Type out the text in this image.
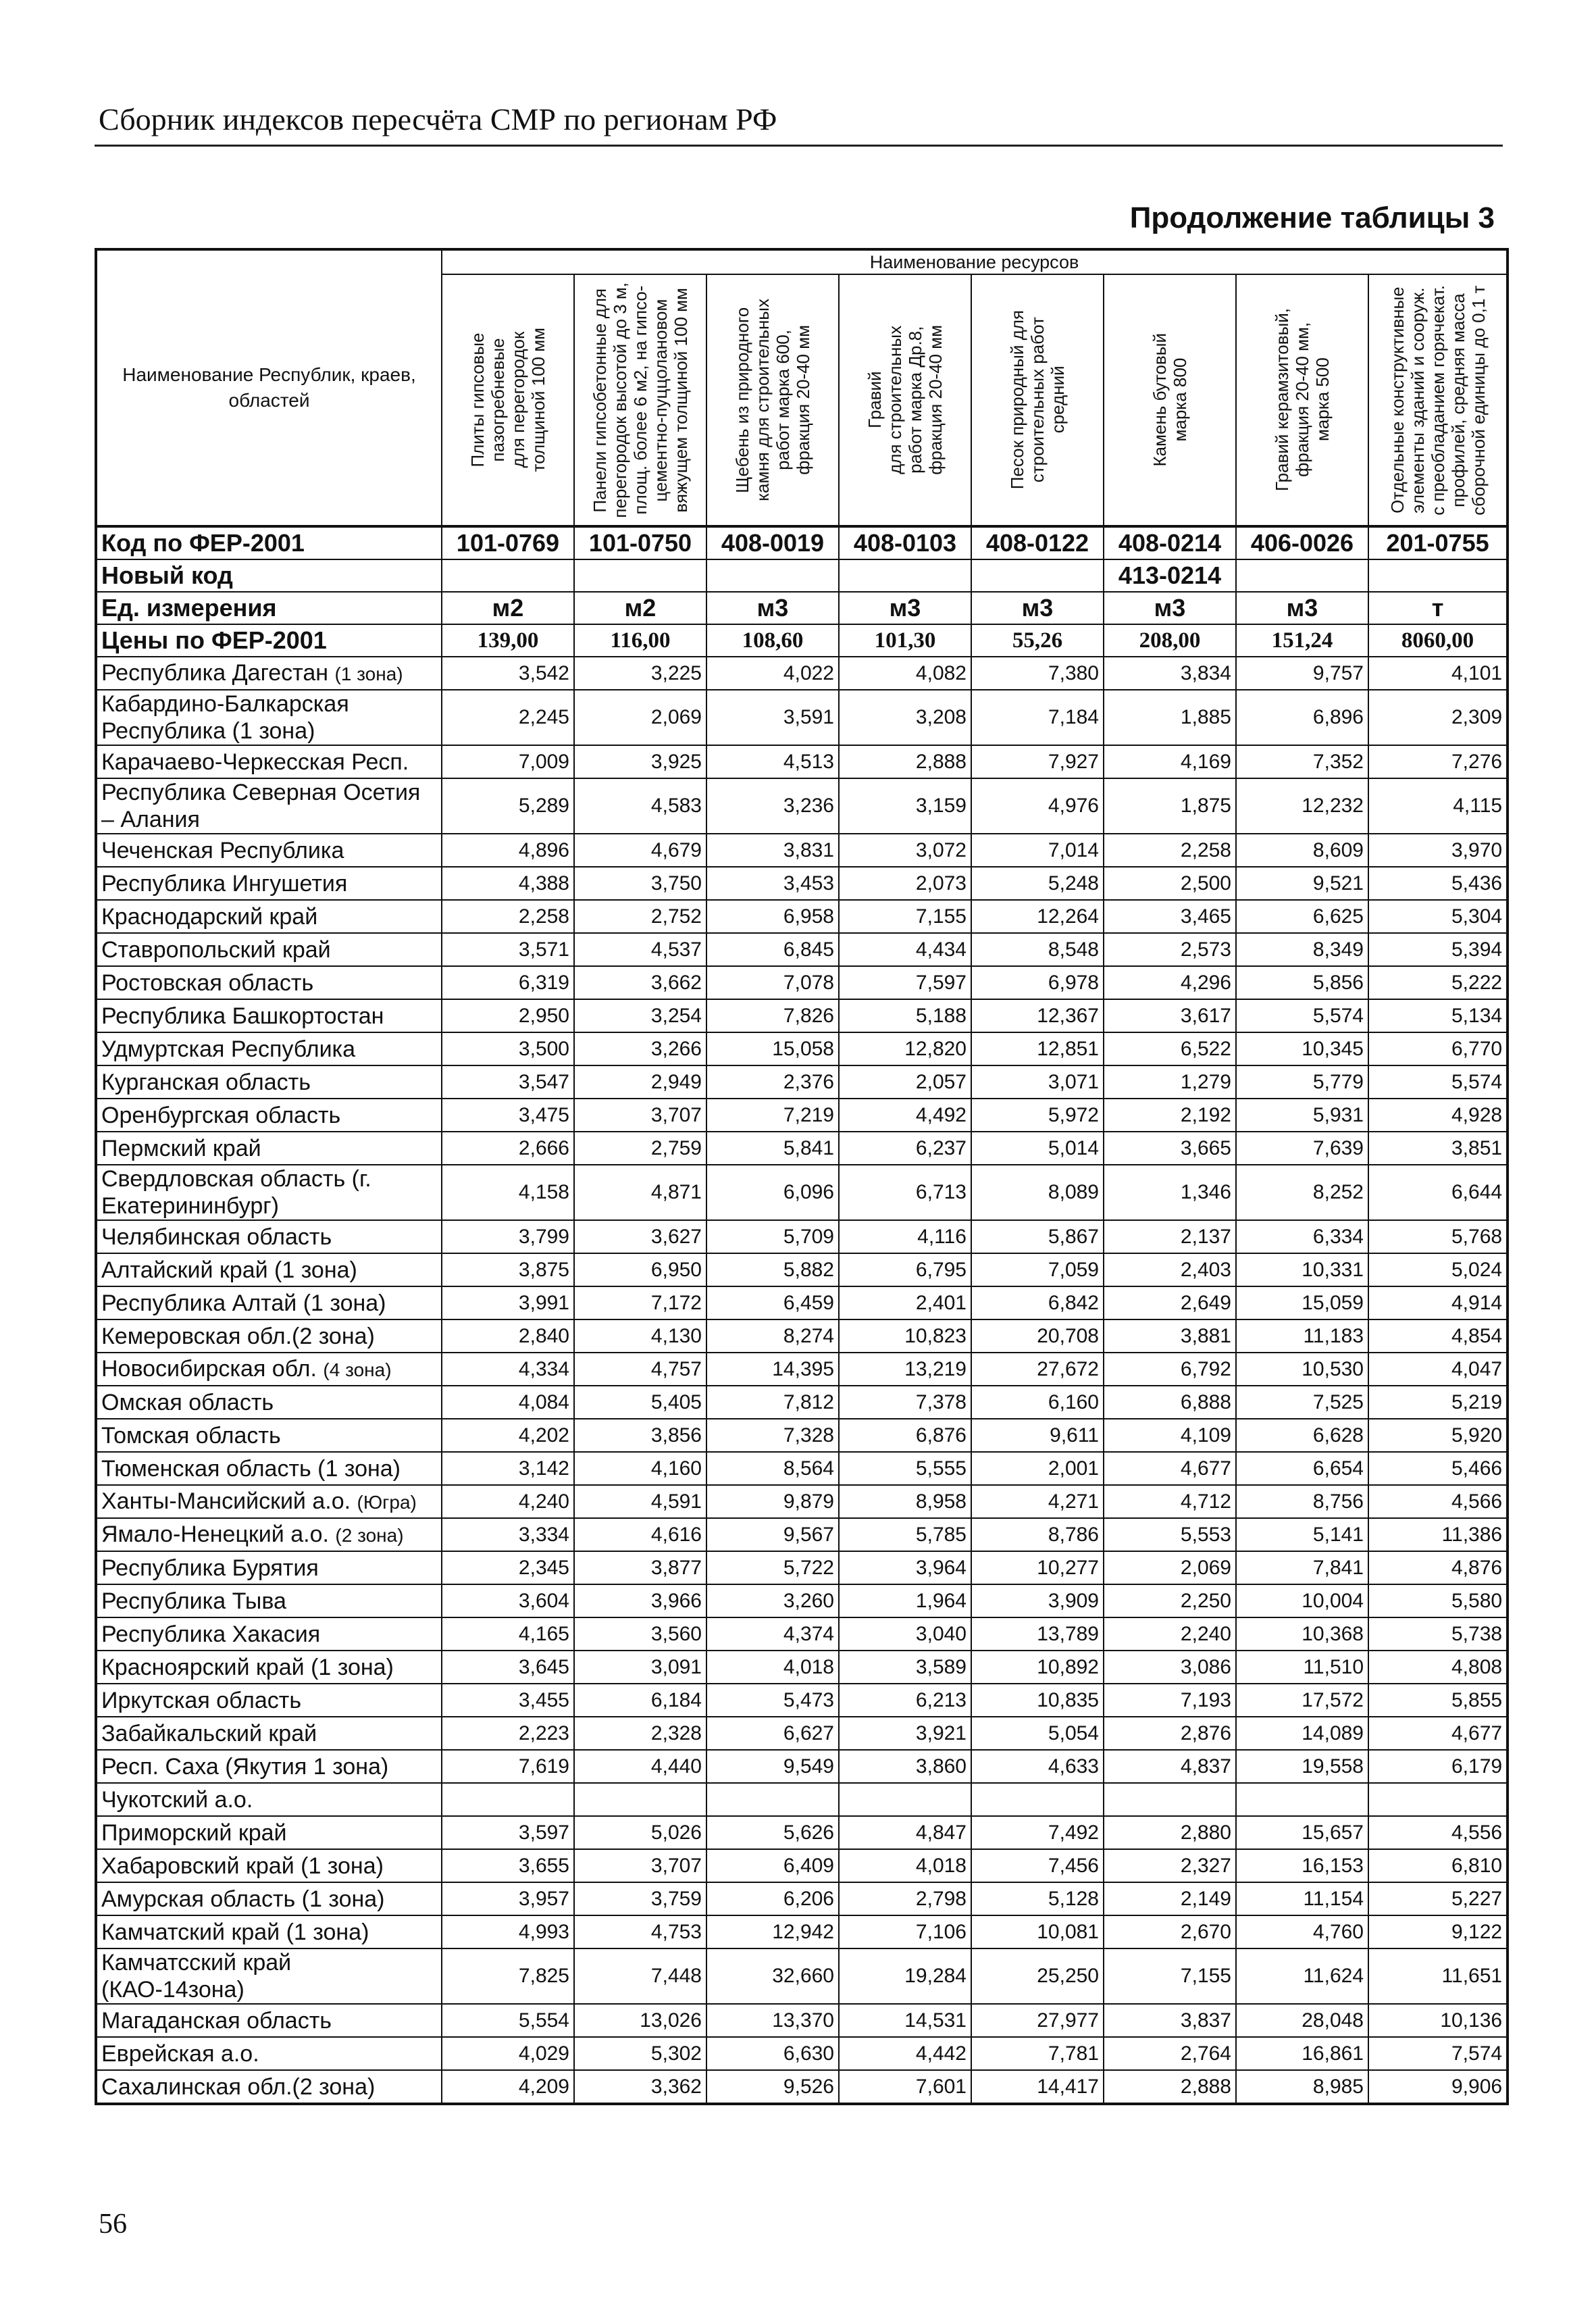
Сборник индексов пересчёта СМР по регионам РФ
Продолжение таблицы 3
Наименование Республик, краев, областей	Наименование ресурсов							

	Плиты гипсовые
пазогребневые
для перегородок
толщиной 100 мм	Панели гипсобетонные для
перегородок высотой до 3 м,
площ. более 6 м2, на гипсо-
цементно-пуццолановом
вяжущем толщиной 100 мм	Щебень из природного
камня для строительных
работ марка 600,
фракция 20-40 мм	Гравий
для строительных
работ марка Др.8,
фракция 20-40 мм	Песок природный для
строительных работ
средний	Камень бутовый
марка 800	Гравий керамзитовый,
фракция 20-40 мм,
марка 500	Отдельные конструктивные
элементы зданий и сооруж.
с преобладанием горячекат.
профилей, средняя масса
сборочной единицы до 0,1 т

Код по ФЕР-2001	101-0769	101-0750	408-0019	408-0103	408-0122	408-0214	406-0026	201-0755
Новый код						413-0214		
Ед. измерения	м2	м2	м3	м3	м3	м3	м3	т
Цены по ФЕР-2001	139,00	116,00	108,60	101,30	55,26	208,00	151,24	8060,00
Республика Дагестан (1 зона)	3,542	3,225	4,022	4,082	7,380	3,834	9,757	4,101
Кабардино-Балкарская Республика (1 зона)	2,245	2,069	3,591	3,208	7,184	1,885	6,896	2,309
Карачаево-Черкесская Респ.	7,009	3,925	4,513	2,888	7,927	4,169	7,352	7,276
Республика Северная Осетия – Алания	5,289	4,583	3,236	3,159	4,976	1,875	12,232	4,115
Чеченская Республика	4,896	4,679	3,831	3,072	7,014	2,258	8,609	3,970
Республика Ингушетия	4,388	3,750	3,453	2,073	5,248	2,500	9,521	5,436
Краснодарский край	2,258	2,752	6,958	7,155	12,264	3,465	6,625	5,304
Ставропольский край	3,571	4,537	6,845	4,434	8,548	2,573	8,349	5,394
Ростовская область	6,319	3,662	7,078	7,597	6,978	4,296	5,856	5,222
Республика Башкортостан	2,950	3,254	7,826	5,188	12,367	3,617	5,574	5,134
Удмуртская Республика	3,500	3,266	15,058	12,820	12,851	6,522	10,345	6,770
Курганская область	3,547	2,949	2,376	2,057	3,071	1,279	5,779	5,574
Оренбургская область	3,475	3,707	7,219	4,492	5,972	2,192	5,931	4,928
Пермский край	2,666	2,759	5,841	6,237	5,014	3,665	7,639	3,851
Свердловская область (г. Екатерининбург)	4,158	4,871	6,096	6,713	8,089	1,346	8,252	6,644
Челябинская область	3,799	3,627	5,709	4,116	5,867	2,137	6,334	5,768
Алтайский край (1 зона)	3,875	6,950	5,882	6,795	7,059	2,403	10,331	5,024
Республика Алтай (1 зона)	3,991	7,172	6,459	2,401	6,842	2,649	15,059	4,914
Кемеровская обл.(2 зона)	2,840	4,130	8,274	10,823	20,708	3,881	11,183	4,854
Новосибирская обл. (4 зона)	4,334	4,757	14,395	13,219	27,672	6,792	10,530	4,047
Омская область	4,084	5,405	7,812	7,378	6,160	6,888	7,525	5,219
Томская область	4,202	3,856	7,328	6,876	9,611	4,109	6,628	5,920
Тюменская область (1 зона)	3,142	4,160	8,564	5,555	2,001	4,677	6,654	5,466
Ханты-Мансийский а.о. (Югра)	4,240	4,591	9,879	8,958	4,271	4,712	8,756	4,566
Ямало-Ненецкий а.о. (2 зона)	3,334	4,616	9,567	5,785	8,786	5,553	5,141	11,386
Республика Бурятия	2,345	3,877	5,722	3,964	10,277	2,069	7,841	4,876
Республика Тыва	3,604	3,966	3,260	1,964	3,909	2,250	10,004	5,580
Республика Хакасия	4,165	3,560	4,374	3,040	13,789	2,240	10,368	5,738
Красноярский край (1 зона)	3,645	3,091	4,018	3,589	10,892	3,086	11,510	4,808
Иркутская область	3,455	6,184	5,473	6,213	10,835	7,193	17,572	5,855
Забайкальский край	2,223	2,328	6,627	3,921	5,054	2,876	14,089	4,677
Респ. Саха (Якутия 1 зона)	7,619	4,440	9,549	3,860	4,633	4,837	19,558	6,179
Чукотский а.о.								
Приморский край	3,597	5,026	5,626	4,847	7,492	2,880	15,657	4,556
Хабаровский край (1 зона)	3,655	3,707	6,409	4,018	7,456	2,327	16,153	6,810
Амурская область (1 зона)	3,957	3,759	6,206	2,798	5,128	2,149	11,154	5,227
Камчатский край (1 зона)	4,993	4,753	12,942	7,106	10,081	2,670	4,760	9,122
Камчатсский край (КАО-14зона)	7,825	7,448	32,660	19,284	25,250	7,155	11,624	11,651
Магаданская область	5,554	13,026	13,370	14,531	27,977	3,837	28,048	10,136
Еврейская а.о.	4,029	5,302	6,630	4,442	7,781	2,764	16,861	7,574
Сахалинская обл.(2 зона)	4,209	3,362	9,526	7,601	14,417	2,888	8,985	9,906
56
